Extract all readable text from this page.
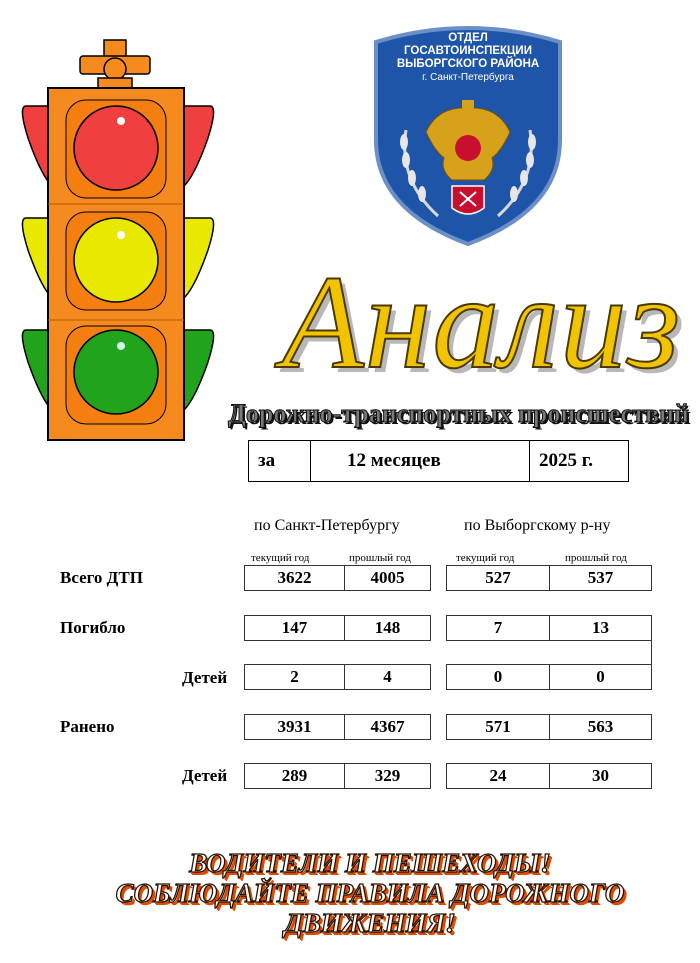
ОТДЕЛ
ГОСАВТОИНСПЕКЦИИ
ВЫБОРГСКОГО РАЙОНА
г. Санкт-Петербурга
Анализ
Дорожно-транспортных происшествий
за	12 месяцев	2025 г.
по Санкт-Петербургу	по Выборгскому р-ну
текущий год	прошлый год	текущий год	прошлый год
Всего ДТП	3622	4005	527	537
Погибло	147	148	7	13
Детей	2	4	0	0
Ранено	3931	4367	571	563
Детей	289	329	24	30
ВОДИТЕЛИ И ПЕШЕХОДЫ!
СОБЛЮДАЙТЕ ПРАВИЛА ДОРОЖНОГО
ДВИЖЕНИЯ!
